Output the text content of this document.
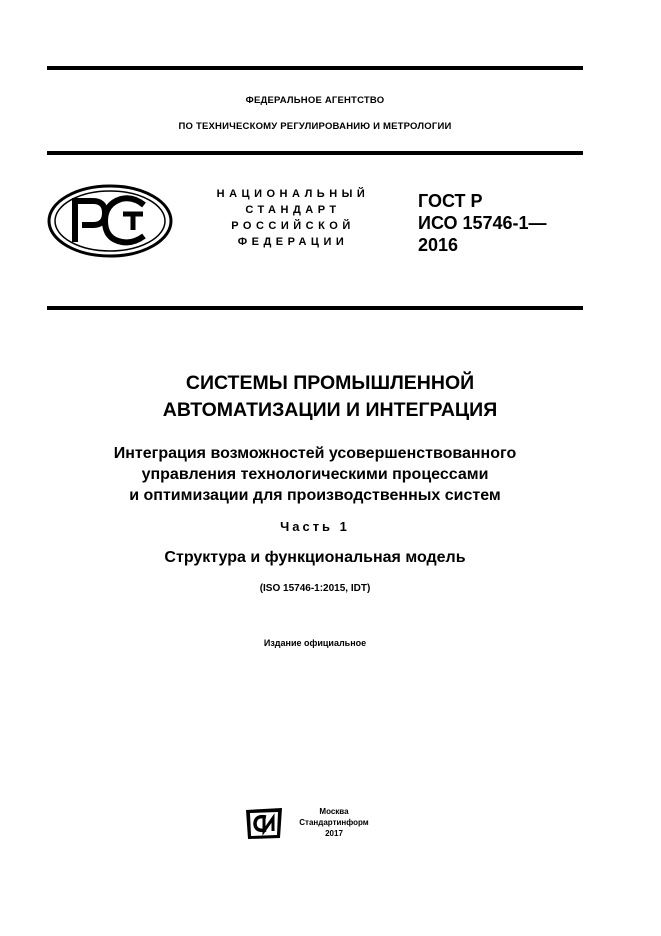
ФЕДЕРАЛЬНОЕ АГЕНТСТВО
ПО ТЕХНИЧЕСКОМУ РЕГУЛИРОВАНИЮ И МЕТРОЛОГИИ
НАЦИОНАЛЬНЫЙ
СТАНДАРТ
РОССИЙСКОЙ
ФЕДЕРАЦИИ
ГОСТ Р
ИСО 15746-1—
2016
СИСТЕМЫ ПРОМЫШЛЕННОЙ
АВТОМАТИЗАЦИИ И ИНТЕГРАЦИЯ
Интеграция возможностей усовершенствованного
управления технологическими процессами
и оптимизации для производственных систем
Часть 1
Структура и функциональная модель
(ISO 15746-1:2015, IDT)
Издание официальное
Москва
Стандартинформ
2017
